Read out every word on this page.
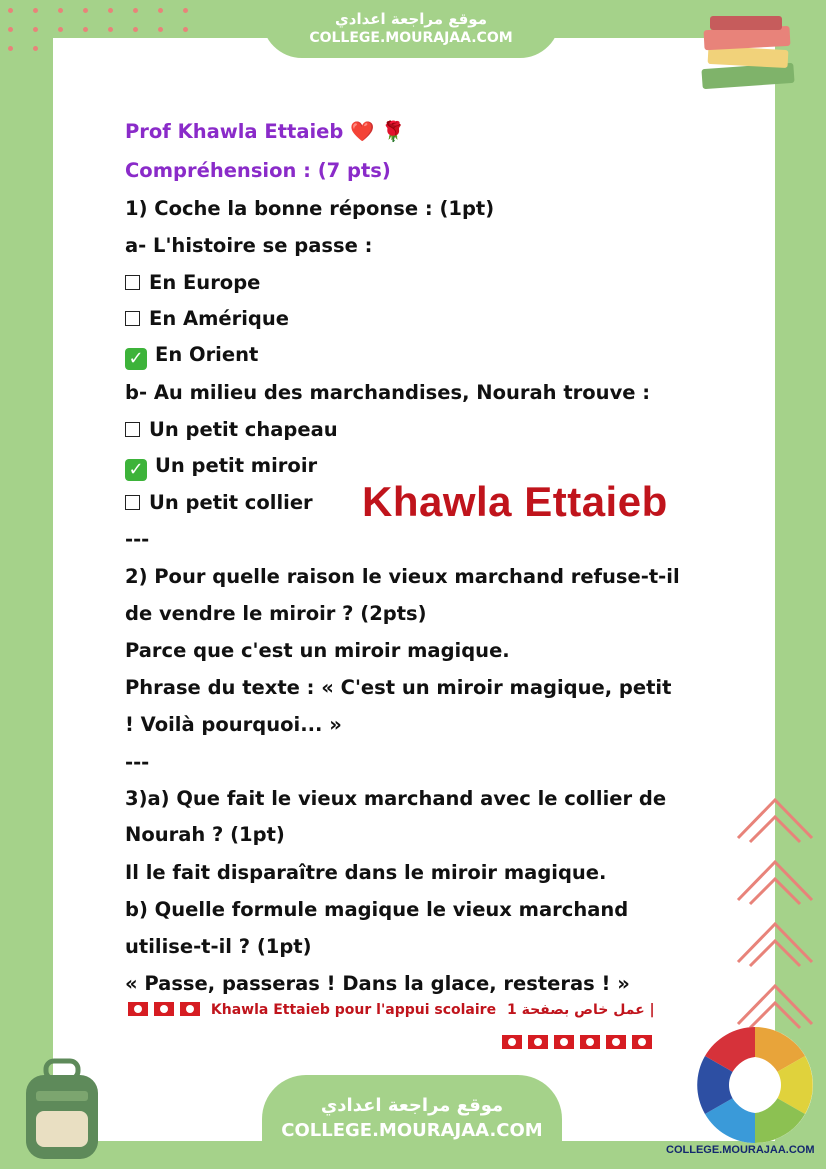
موقع مراجعة اعدادي
COLLEGE.MOURAJAA.COM
Prof Khawla Ettaieb ❤️ 🌹
Compréhension : (7 pts)
1) Coche la bonne réponse : (1pt)
a- L'histoire se passe :
En Europe
En Amérique
✓ En Orient
b- Au milieu des marchandises, Nourah trouve :
Un petit chapeau
✓ Un petit miroir
Un petit collier
---
2) Pour quelle raison le vieux marchand refuse-t-il
de vendre le miroir ? (2pts)
Parce que c'est un miroir magique.
Phrase du texte : « C'est un miroir magique, petit
! Voilà pourquoi... »
---
3)a) Que fait le vieux marchand avec le collier de
Nourah ? (1pt)
Il le fait disparaître dans le miroir magique.
b) Quelle formule magique le vieux marchand
utilise-t-il ? (1pt)
« Passe, passeras ! Dans la glace, resteras ! »
Khawla Ettaieb
Khawla Ettaieb pour l'appui scolaire عمل خاص بصفحة 1 |
موقع مراجعة اعدادي
COLLEGE.MOURAJAA.COM
COLLEGE.MOURAJAA.COM
